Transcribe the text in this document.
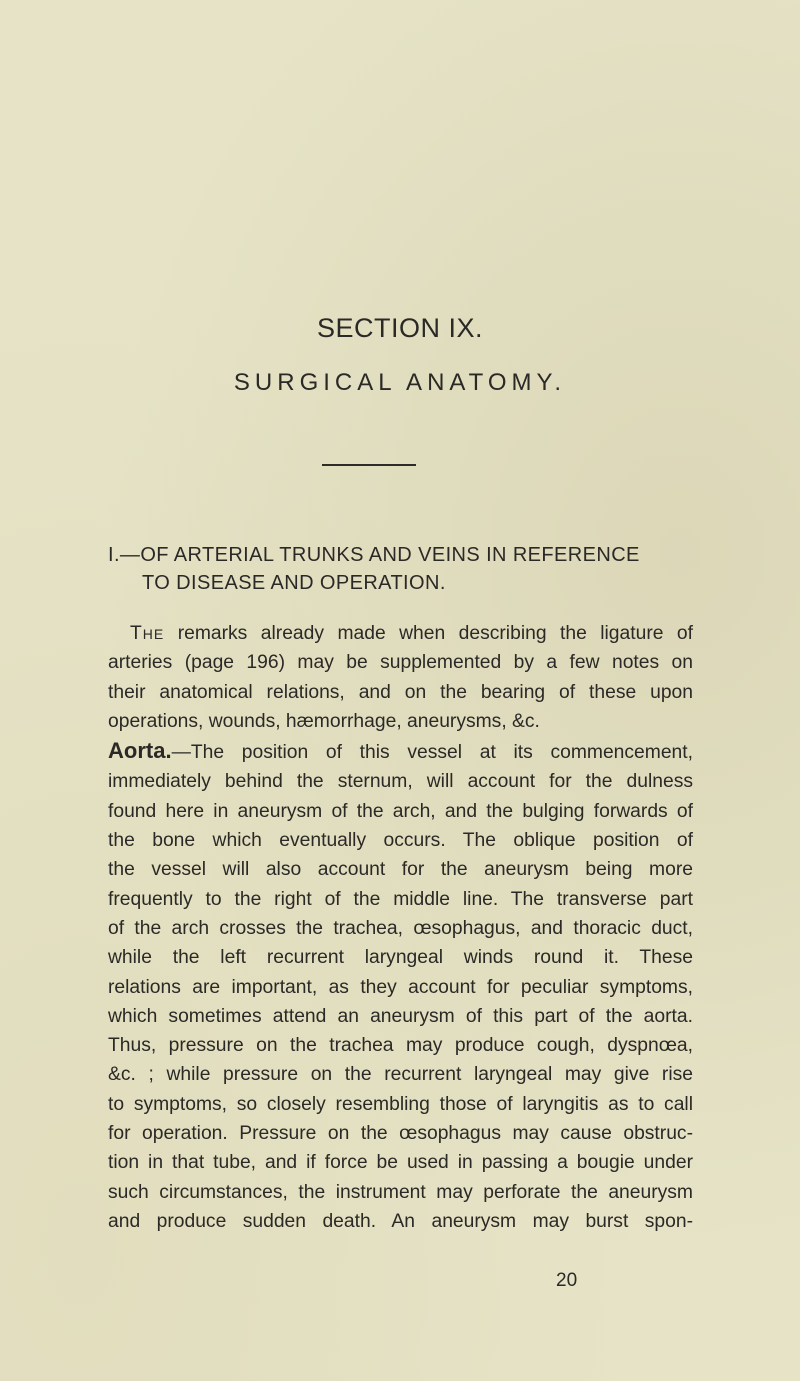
SECTION IX.
SURGICAL ANATOMY.
I.—OF ARTERIAL TRUNKS AND VEINS IN REFERENCE
TO DISEASE AND OPERATION.
The remarks already made when describing the ligature of
arteries (page 196) may be supplemented by a few notes on
their anatomical relations, and on the bearing of these upon
operations, wounds, hæmorrhage, aneurysms, &c.
Aorta.—The position of this vessel at its commencement,
immediately behind the sternum, will account for the dulness
found here in aneurysm of the arch, and the bulging forwards of
the bone which eventually occurs. The oblique position of
the vessel will also account for the aneurysm being more
frequently to the right of the middle line. The transverse part
of the arch crosses the trachea, œsophagus, and thoracic duct,
while the left recurrent laryngeal winds round it. These
relations are important, as they account for peculiar symptoms,
which sometimes attend an aneurysm of this part of the aorta.
Thus, pressure on the trachea may produce cough, dyspnœa,
&c. ; while pressure on the recurrent laryngeal may give rise
to symptoms, so closely resembling those of laryngitis as to call
for operation. Pressure on the œsophagus may cause obstruc-
tion in that tube, and if force be used in passing a bougie under
such circumstances, the instrument may perforate the aneurysm
and produce sudden death. An aneurysm may burst spon-
20
